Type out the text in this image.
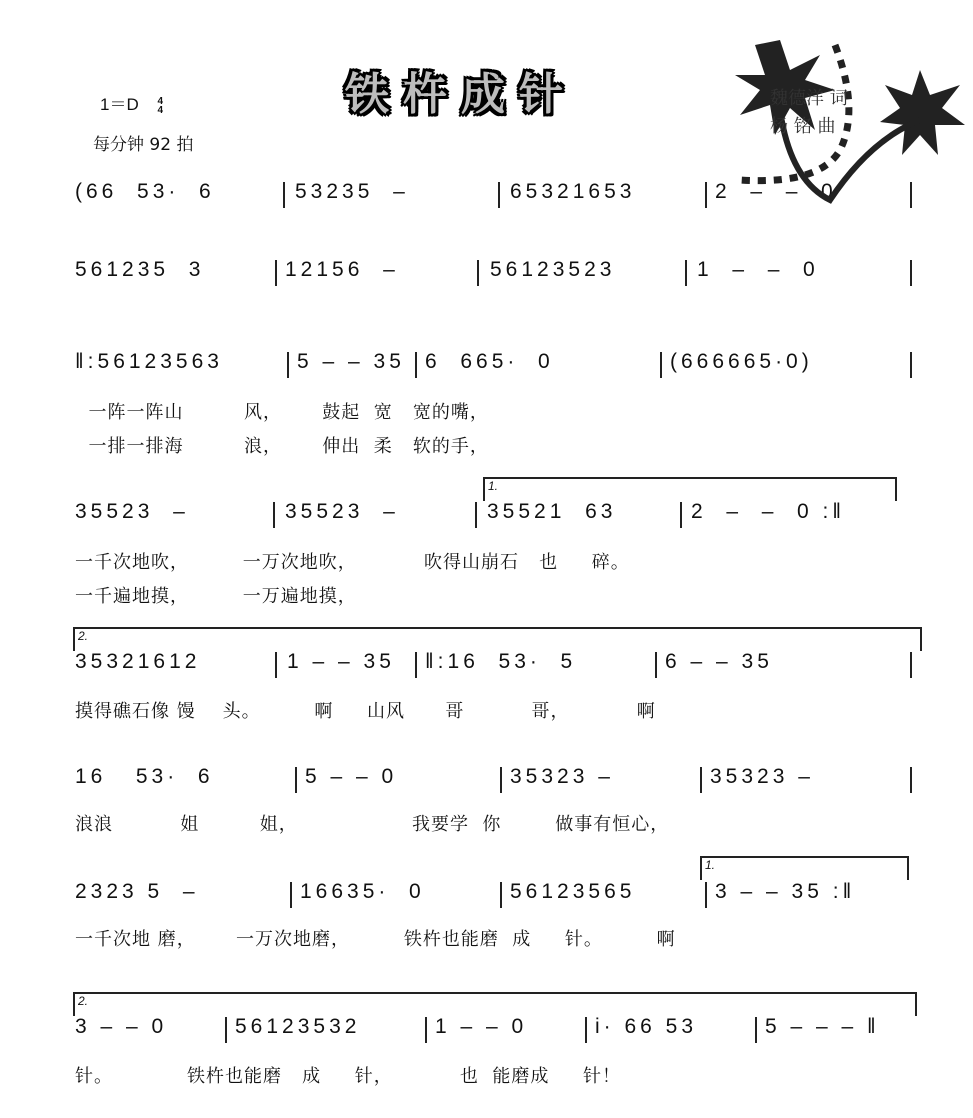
铁杵成针
1＝D 4
4
每分钟 92 拍
魏德洋 词
杨 铭 曲
(66  53·  6	53235  –	65321653	2  –  –  0
561235  3	12156  –	56123523	1  –  –  0
‖:56123563	5 – – 35 6  665·  0	(666665·0)
35523  –	35523  –	35521  63	2  –  –  0 :‖
35321612	1 – – 35 ‖:16  53·  5	6 – – 35
16   53·  6	5 – – 0	35323 –	35323 –
2323 5  –	16635·  0	56123565	3 – – 35 :‖
3 – – 0	56123532	1 – – 0	i· 66 53	5 – – – ‖
一阵一阵山         风，      鼓起  宽   宽的嘴，
一排一排海         浪，      伸出  柔   软的手，
一千次地吹，        一万次地吹，          吹得山崩石   也     碎。
一千遍地摸，        一万遍地摸，
摸得礁石像 馒    头。        啊     山风      哥          哥，          啊
浪浪          姐         姐，                 我要学  你        做事有恒心，
一千次地 磨，      一万次地磨，        铁杵也能磨  成     针。        啊
针。           铁杵也能磨   成     针，          也  能磨成     针！
1.
2.
1.
2.
